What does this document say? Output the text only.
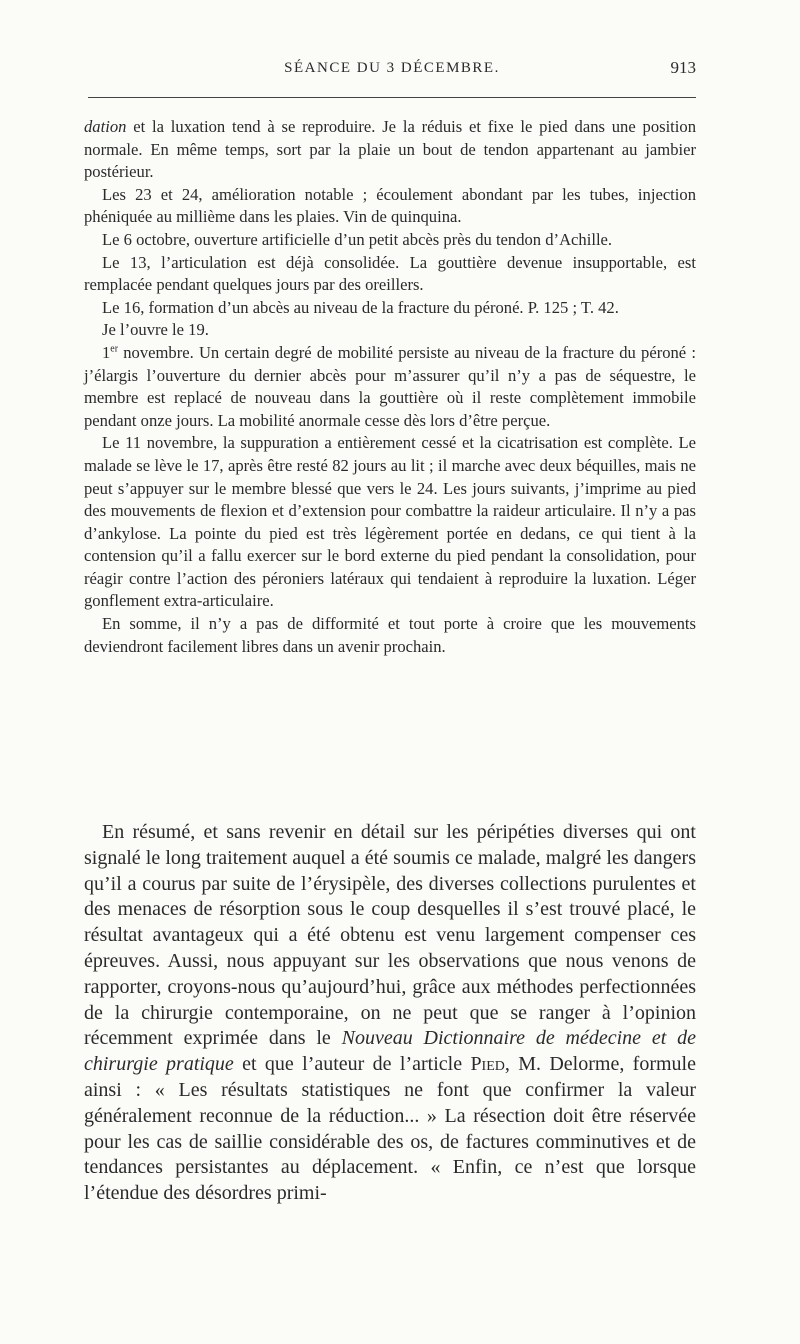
SÉANCE DU 3 DÉCEMBRE.	913

dation et la luxation tend à se reproduire. Je la réduis et fixe le pied dans une position normale. En même temps, sort par la plaie un bout de tendon appartenant au jambier postérieur.

Les 23 et 24, amélioration notable ; écoulement abondant par les tubes, injection phéniquée au millième dans les plaies. Vin de quinquina.

Le 6 octobre, ouverture artificielle d’un petit abcès près du tendon d’Achille.

Le 13, l’articulation est déjà consolidée. La gouttière devenue insupportable, est remplacée pendant quelques jours par des oreillers.

Le 16, formation d’un abcès au niveau de la fracture du péroné. P. 125 ; T. 42.

Je l’ouvre le 19.

1er novembre. Un certain degré de mobilité persiste au niveau de la fracture du péroné : j’élargis l’ouverture du dernier abcès pour m’assurer qu’il n’y a pas de séquestre, le membre est replacé de nouveau dans la gouttière où il reste complètement immobile pendant onze jours. La mobilité anormale cesse dès lors d’être perçue.

Le 11 novembre, la suppuration a entièrement cessé et la cicatrisation est complète. Le malade se lève le 17, après être resté 82 jours au lit ; il marche avec deux béquilles, mais ne peut s’appuyer sur le membre blessé que vers le 24. Les jours suivants, j’imprime au pied des mouvements de flexion et d’extension pour combattre la raideur articulaire. Il n’y a pas d’ankylose. La pointe du pied est très légèrement portée en dedans, ce qui tient à la contension qu’il a fallu exercer sur le bord externe du pied pendant la consolidation, pour réagir contre l’action des péroniers latéraux qui tendaient à reproduire la luxation. Léger gonflement extra-articulaire.

En somme, il n’y a pas de difformité et tout porte à croire que les mouvements deviendront facilement libres dans un avenir prochain.

En résumé, et sans revenir en détail sur les péripéties diverses qui ont signalé le long traitement auquel a été soumis ce malade, malgré les dangers qu’il a courus par suite de l’érysipèle, des diverses collections purulentes et des menaces de résorption sous le coup desquelles il s’est trouvé placé, le résultat avantageux qui a été obtenu est venu largement compenser ces épreuves. Aussi, nous appuyant sur les observations que nous venons de rapporter, croyons-nous qu’aujourd’hui, grâce aux méthodes perfectionnées de la chirurgie contemporaine, on ne peut que se ranger à l’opinion récemment exprimée dans le Nouveau Dictionnaire de médecine et de chirurgie pratique et que l’auteur de l’article Pied, M. Delorme, formule ainsi : « Les résultats statistiques ne font que confirmer la valeur généralement reconnue de la réduction... » La résection doit être réservée pour les cas de saillie considérable des os, de factures comminutives et de tendances persistantes au déplacement. « Enfin, ce n’est que lorsque l’étendue des désordres primi-
